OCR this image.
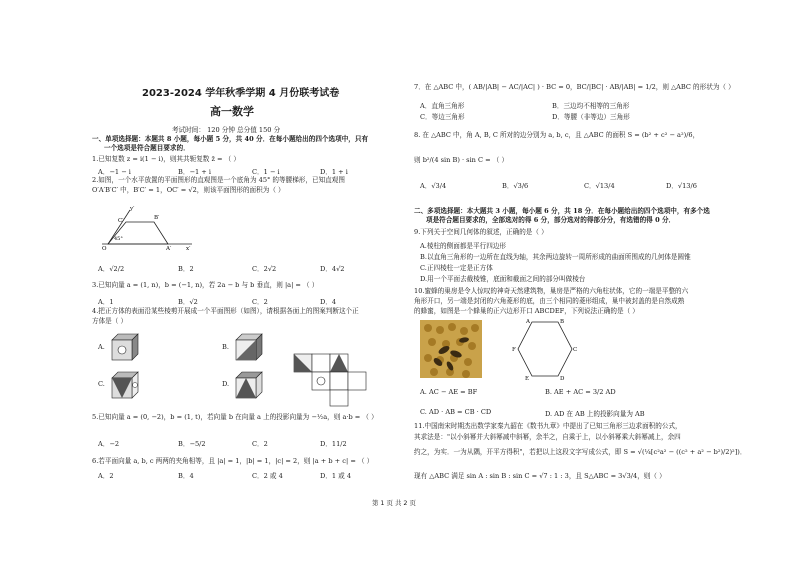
2023-2024 学年秋季学期 4 月份联考试卷
高一数学
考试时间： 120 分钟 总分值 150 分
一、单项选择题：本题共 8 小题，每小题 5 分，共 40 分．在每小题给出的四个选项中，只有
一个选项是符合题目要求的．
1.已知复数 z = i(1 − i)，则其共轭复数 z̄ = （ ）
A．−1 − i	B．−1 + i	C．1 − i	D．1 + i
2.如图，一个水平放置的平面图形的直观图是一个底角为 45° 的等腰梯形，已知直观图
O′A′B′C′ 中，B′C′ = 1，OC′ = √2，则该平面图形的面积为（ ）
C′	B′
O
45°
A′	x′
y′
A．√2/2	B．2	C．2√2	D．4√2
3.已知向量 a = (1, n)，b = (−1, n)，若 2a − b 与 b 垂直，则 |a| = （ ）
A．1	B．√2	C．2	D．4
4.把正方体的表面沿某些棱剪开展成一个平面图形（如图），请根据各面上的图案判断这个正
方体是（ ）
A.	B.
C.	D.
5.已知向量 a = (0, −2)，b = (1, t)，若向量 b 在向量 a 上的投影向量为 −½a，则 a·b = （ ）
A．−2	B．−5/2	C．2	D．11/2
6.若平面向量 a, b, c 两两的夹角相等，且 |a| = 1，|b| = 1，|c| = 2，则 |a + b + c| = （ ）
A．2	B．4	C．2 或 4	D．1 或 4
7．在 △ABC 中，( AB/|AB| − AC/|AC| ) · BC = 0，BC/|BC| · AB/|AB| = 1/2，则 △ABC 的形状为（ ）
A．直角三角形	B．三边均不相等的三角形
C．等边三角形	D．等腰（非等边）三角形
8. 在 △ABC 中，角 A, B, C 所对的边分别为 a, b, c，且 △ABC 的面积 S = (b² + c² − a²)/6，
则 b²/(4 sin B) · sin C = （ ）
A．√3/4	B．√3/6	C．√13/4	D．√13/6
二、多项选择题：本大题共 3 小题，每小题 6 分，共 18 分．在每小题给出的四个选项中，有多个选
项是符合题目要求的，全部选对的得 6 分，部分选对的得部分分，有选错的得 0 分．
9.下列关于空间几何体的叙述，正确的是（ ）
A.棱柱的侧面都是平行四边形
B.以直角三角形的一边所在直线为轴，其余两边旋转一周所形成的曲面所围成的几何体是圆锥
C.正四棱柱一定是正方体
D.用一个平面去截棱锥，底面和截面之间的部分叫做棱台
10.蜜蜂的巢房是令人惊叹的神奇天然建筑物，巢房是严格的六角柱状体，它的一端是平整的六
角形开口，另一端是封闭的六角菱形的底，由三个相同的菱形组成，巢中被封盖的是自然成熟
的蜂蜜，如图是一个蜂巢的正六边形开口 ABCDEF，下列说法正确的是（ ）
A	B
C
D
E
F
A. AC − AE = BF	B. AE + AC = 3/2 AD
C. AD · AB = CB · CD	D. AD 在 AB 上的投影向量为 AB
11.中国南宋时期杰出数学家秦九韶在《数书九章》中提出了已知三角形三边求面积的公式，
其求法是："以小斜幂并大斜幂减中斜幂，余半之，自乘于上，以小斜幂乘大斜幂减上，余四
约之，为实．一为从隅，开平方得积"，若把以上这段文字写成公式，即 S = √(¼[c²a² − ((c² + a² − b²)/2)²])．
现有 △ABC 满足 sin A : sin B : sin C = √7 : 1 : 3，且 S△ABC = 3√3/4，则（ ）
第 1 页 共 2 页
